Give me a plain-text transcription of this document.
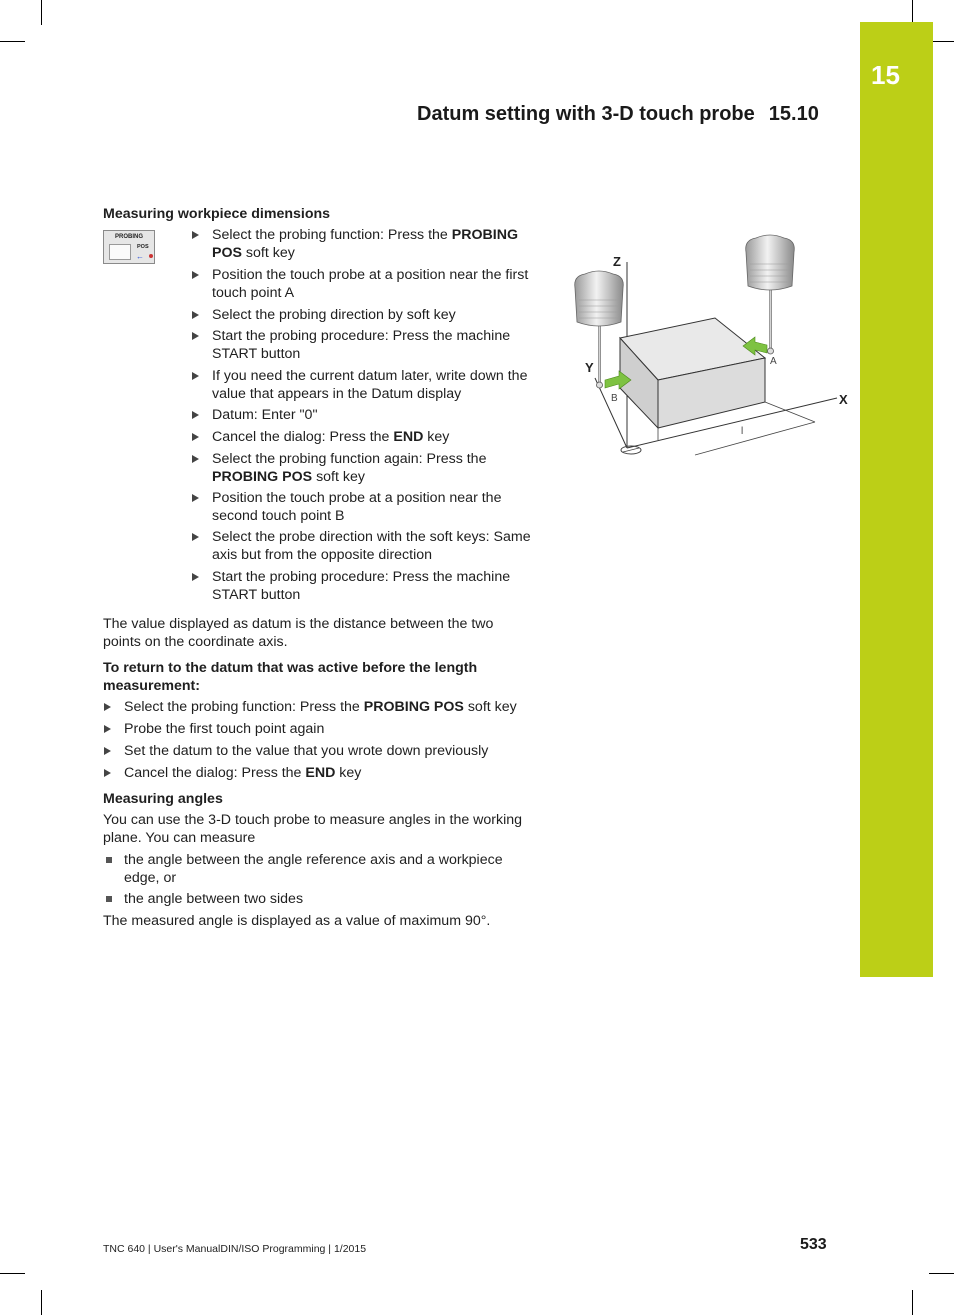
15
Datum setting with 3-D touch probe 15.10
Measuring workpiece dimensions
PROBING
POS
←
Select the probing function: Press the PROBING POS soft key
Position the touch probe at a position near the first touch point A
Select the probing direction by soft key
Start the probing procedure: Press the machine START button
If you need the current datum later, write down the value that appears in the Datum display
Datum: Enter "0"
Cancel the dialog: Press the END key
Select the probing function again: Press the PROBING POS soft key
Position the touch probe at a position near the second touch point B
Select the probe direction with the soft keys: Same axis but from the opposite direction
Start the probing procedure: Press the machine START button
The value displayed as datum is the distance between the two points on the coordinate axis.
To return to the datum that was active before the length measurement:
Select the probing function: Press the PROBING POS soft key
Probe the first touch point again
Set the datum to the value that you wrote down previously
Cancel the dialog: Press the END key
Measuring angles
You can use the 3-D touch probe to measure angles in the working plane. You can measure
the angle between the angle reference axis and a workpiece edge, or
the angle between two sides
The measured angle is displayed as a value of maximum 90°.
Z
Y
X
A
B
l
TNC 640 | User's ManualDIN/ISO Programming | 1/2015	533
